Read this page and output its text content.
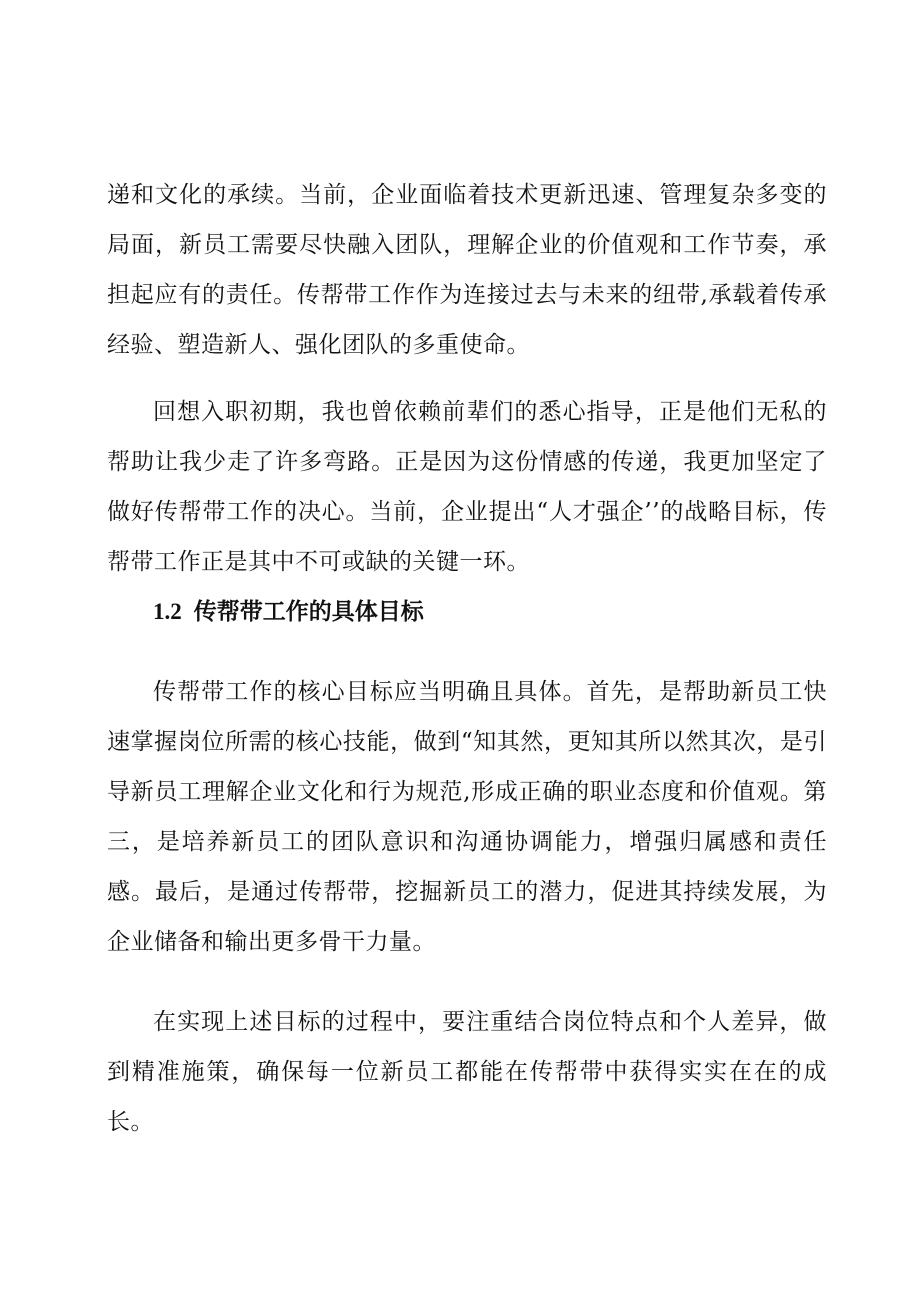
递和文化的承续。当前，企业面临着技术更新迅速、管理复杂多变的局面，新员工需要尽快融入团队，理解企业的价值观和工作节奏，承担起应有的责任。传帮带工作作为连接过去与未来的纽带,承载着传承经验、塑造新人、强化团队的多重使命。

回想入职初期，我也曾依赖前辈们的悉心指导，正是他们无私的帮助让我少走了许多弯路。正是因为这份情感的传递，我更加坚定了做好传帮带工作的决心。当前，企业提出“人才强企’’的战略目标，传帮带工作正是其中不可或缺的关键一环。

1.2 传帮带工作的具体目标

传帮带工作的核心目标应当明确且具体。首先，是帮助新员工快速掌握岗位所需的核心技能，做到“知其然，更知其所以然其次，是引导新员工理解企业文化和行为规范,形成正确的职业态度和价值观。第三，是培养新员工的团队意识和沟通协调能力，增强归属感和责任感。最后，是通过传帮带，挖掘新员工的潜力，促进其持续发展，为企业储备和输出更多骨干力量。

在实现上述目标的过程中，要注重结合岗位特点和个人差异，做到精准施策，确保每一位新员工都能在传帮带中获得实实在在的成长。
